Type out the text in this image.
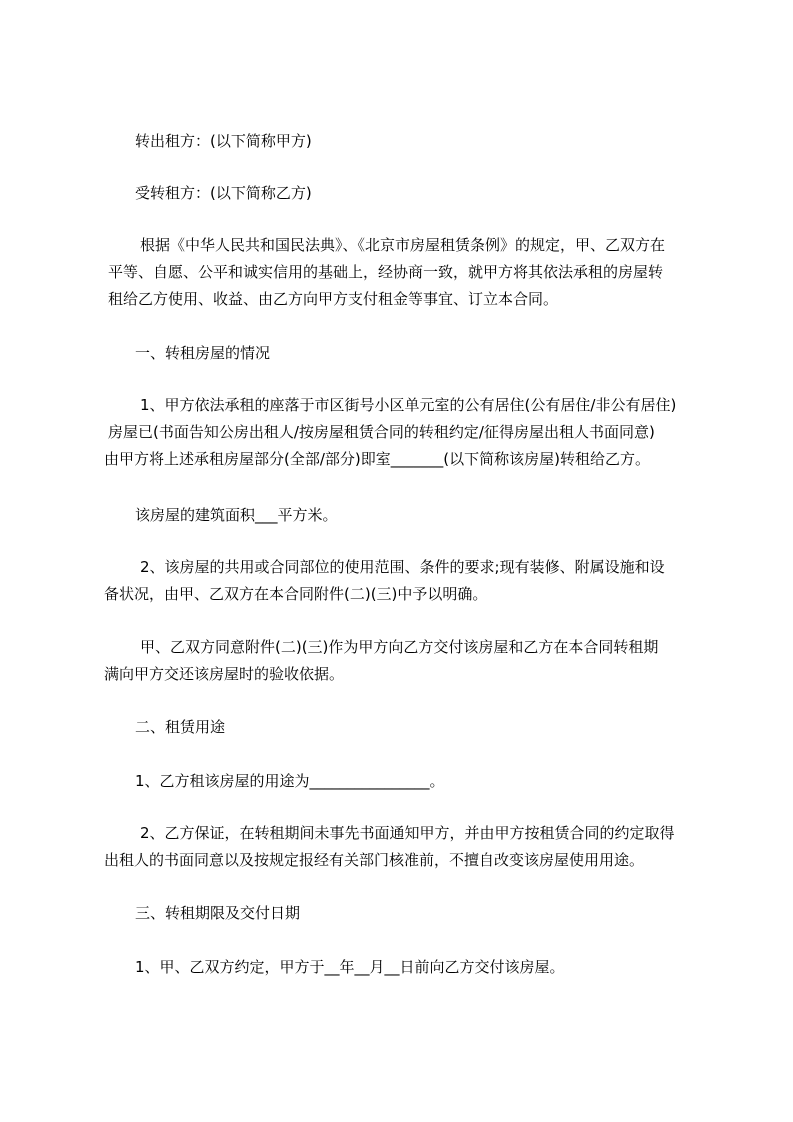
转出租方：(以下简称甲方)

受转租方：(以下简称乙方)

根据《中华人民共和国民法典》、《北京市房屋租赁条例》的规定，甲、乙双方在
平等、自愿、公平和诚实信用的基础上，经协商一致，就甲方将其依法承租的房屋转
租给乙方使用、收益、由乙方向甲方支付租金等事宜、订立本合同。

一、转租房屋的情况

1、甲方依法承租的座落于市区街号小区单元室的公有居住(公有居住/非公有居住)
房屋已(书面告知公房出租人/按房屋租赁合同的转租约定/征得房屋出租人书面同意)
由甲方将上述承租房屋部分(全部/部分)即室_______(以下简称该房屋)转租给乙方。

该房屋的建筑面积___平方米。

2、该房屋的共用或合同部位的使用范围、条件的要求;现有装修、附属设施和设
备状况，由甲、乙双方在本合同附件(二)(三)中予以明确。
甲、乙双方同意附件(二)(三)作为甲方向乙方交付该房屋和乙方在本合同转租期
满向甲方交还该房屋时的验收依据。

二、租赁用途

1、乙方租该房屋的用途为________________。

2、乙方保证，在转租期间未事先书面通知甲方，并由甲方按租赁合同的约定取得
出租人的书面同意以及按规定报经有关部门核准前，不擅自改变该房屋使用用途。

三、转租期限及交付日期

1、甲、乙双方约定，甲方于__年__月__日前向乙方交付该房屋。
